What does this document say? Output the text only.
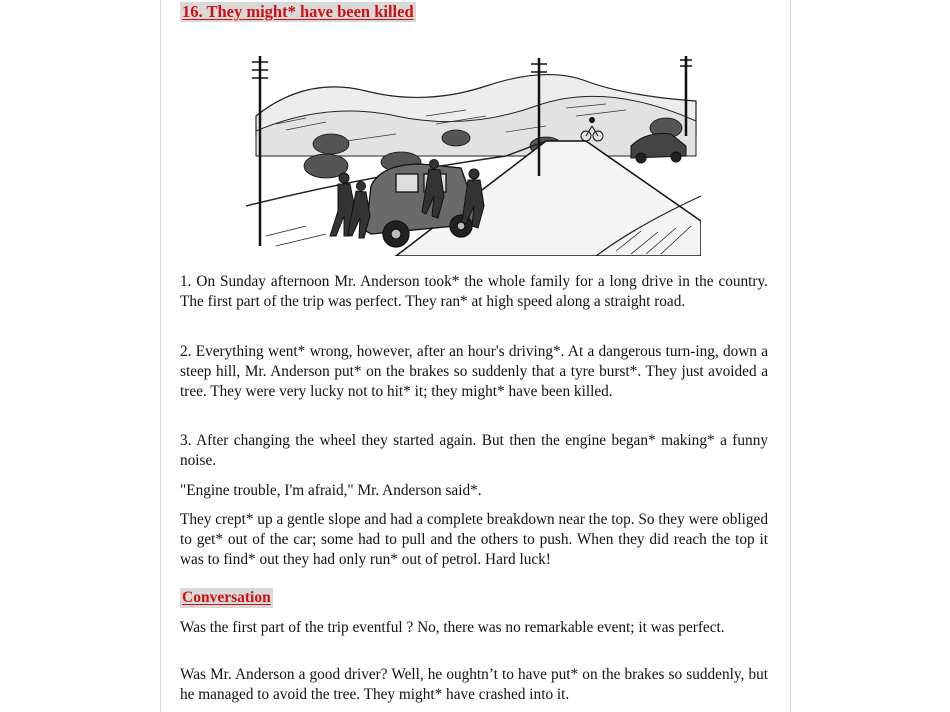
16. They might* have been killed

1. On Sunday afternoon Mr. Anderson took* the whole family for a long drive in the country. The first part of the trip was perfect. They ran* at high speed along a straight road.

2. Everything went* wrong, however, after an hour's driving*. At a dangerous turn-ing, down a steep hill, Mr. Anderson put* on the brakes so suddenly that a tyre burst*. They just avoided a tree. They were very lucky not to hit* it; they might* have been killed.

3. After changing the wheel they started again. But then the engine began* making* a funny noise.

"Engine trouble, I'm afraid," Mr. Anderson said*.

They crept* up a gentle slope and had a complete breakdown near the top. So they were obliged to get* out of the car; some had to pull and the others to push. When they did reach the top it was to find* out they had only run* out of petrol. Hard luck!

Conversation

Was the first part of the trip eventful ? No, there was no remarkable event; it was perfect.

Was Mr. Anderson a good driver? Well, he oughtn’t to have put* on the brakes so suddenly, but he managed to avoid the tree. They might* have crashed into it.
